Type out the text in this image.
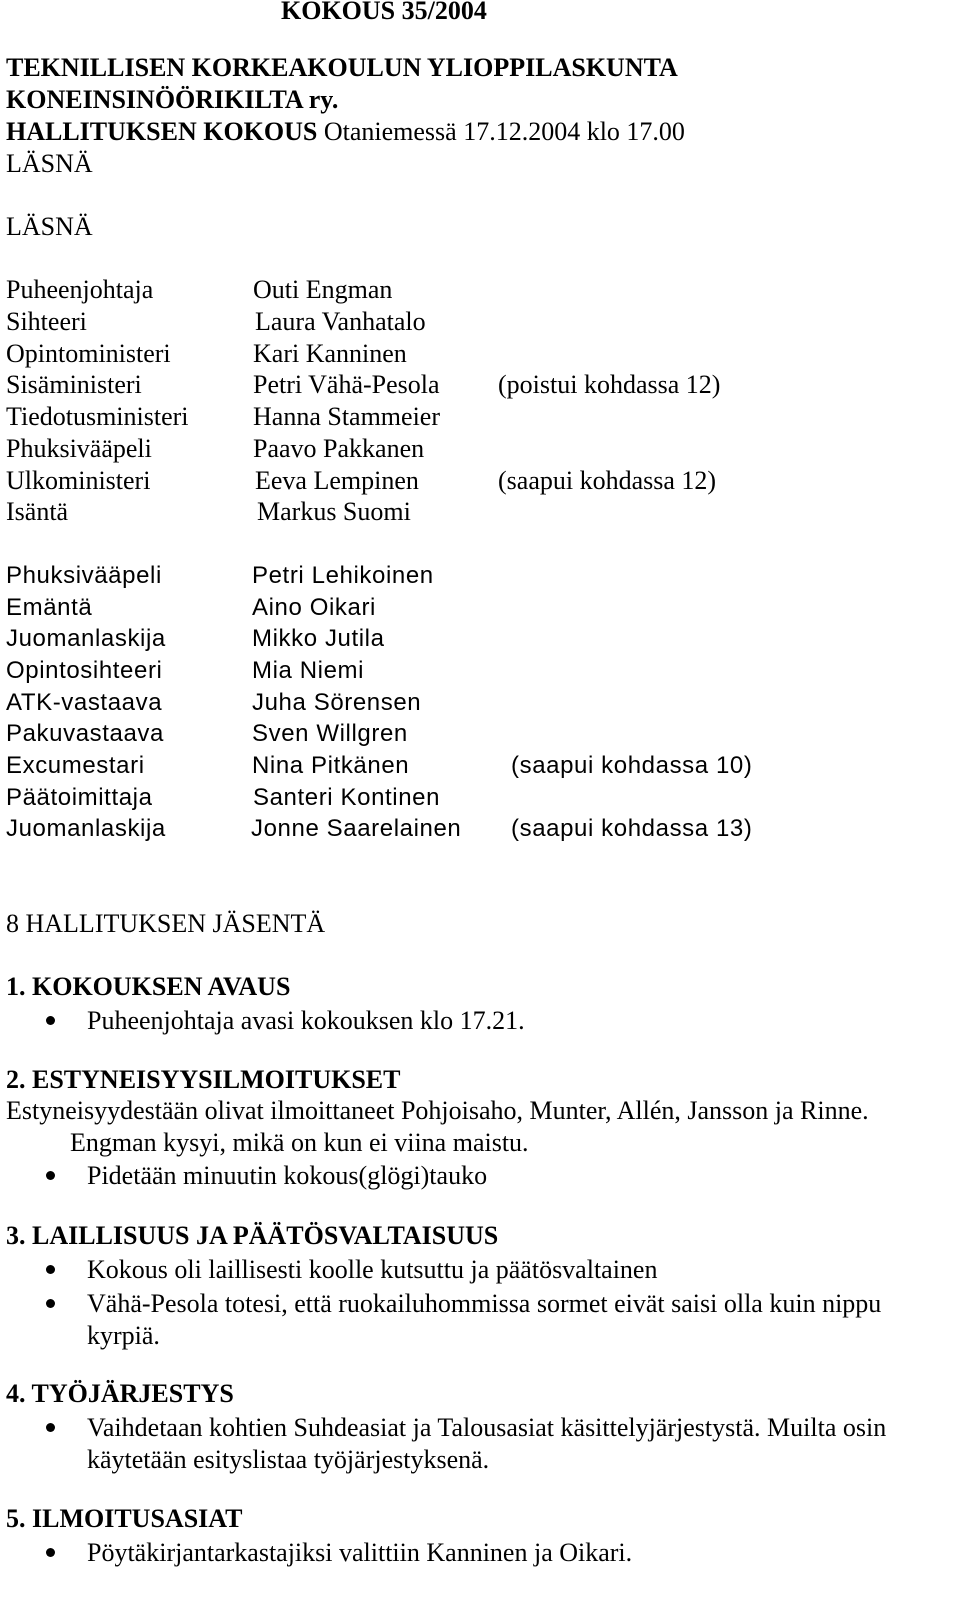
KOKOUS 35/2004
TEKNILLISEN KORKEAKOULUN YLIOPPILASKUNTA
KONEINSINÖÖRIKILTA ry.
HALLITUKSEN KOKOUS Otaniemessä 17.12.2004 klo 17.00
LÄSNÄ
LÄSNÄ
Puheenjohtaja	Outi Engman
Sihteeri	Laura Vanhatalo
Opintoministeri	Kari Kanninen
Sisäministeri	Petri Vähä-Pesola (poistui kohdassa 12)
Tiedotusministeri Hanna Stammeier
Phuksivääpeli	Paavo Pakkanen
Ulkoministeri	Eeva Lempinen	(saapui kohdassa 12)
Isäntä	Markus Suomi
Phuksivääpeli	Petri Lehikoinen
Emäntä	Aino Oikari
Juomanlaskija	Mikko Jutila
Opintosihteeri	Mia Niemi
ATK-vastaava	Juha Sörensen
Pakuvastaava	Sven Willgren
Excumestari	Nina Pitkänen	(saapui kohdassa 10)
Päätoimittaja	Santeri Kontinen
Juomanlaskija	Jonne Saarelainen (saapui kohdassa 13)
8 HALLITUKSEN JÄSENTÄ
1. KOKOUKSEN AVAUS
Puheenjohtaja avasi kokouksen klo 17.21.
2. ESTYNEISYYSILMOITUKSET
Estyneisyydestään olivat ilmoittaneet Pohjoisaho, Munter, Allén, Jansson ja Rinne.
Engman kysyi, mikä on kun ei viina maistu.
Pidetään minuutin kokous(glögi)tauko
3. LAILLISUUS JA PÄÄTÖSVALTAISUUS
Kokous oli laillisesti koolle kutsuttu ja päätösvaltainen
Vähä-Pesola totesi, että ruokailuhommissa sormet eivät saisi olla kuin nippu
kyrpiä.
4. TYÖJÄRJESTYS
Vaihdetaan kohtien Suhdeasiat ja Talousasiat käsittelyjärjestystä. Muilta osin
käytetään esityslistaa työjärjestyksenä.
5. ILMOITUSASIAT
Pöytäkirjantarkastajiksi valittiin Kanninen ja Oikari.
